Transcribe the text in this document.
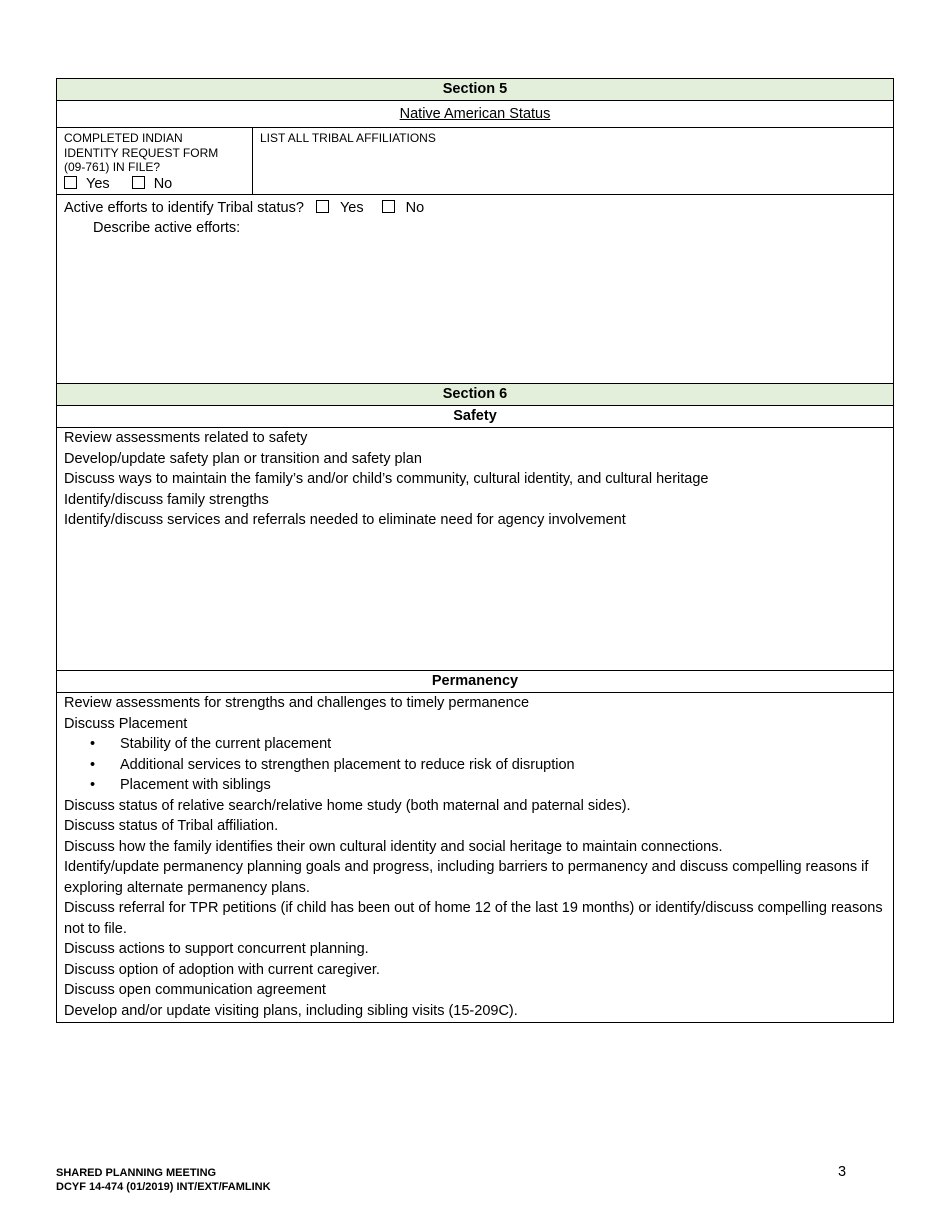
Section 5
Native American Status
COMPLETED INDIAN
IDENTITY REQUEST FORM
(09-761) IN FILE?
Yes	No
LIST ALL TRIBAL AFFILIATIONS
Active efforts to identify Tribal status? Yes	No
Describe active efforts:
Section 6
Safety
Review assessments related to safety
Develop/update safety plan or transition and safety plan
Discuss ways to maintain the family’s and/or child’s community, cultural identity, and cultural heritage
Identify/discuss family strengths
Identify/discuss services and referrals needed to eliminate need for agency involvement
Permanency
Review assessments for strengths and challenges to timely permanence
Discuss Placement
• Stability of the current placement
• Additional services to strengthen placement to reduce risk of disruption
• Placement with siblings
Discuss status of relative search/relative home study (both maternal and paternal sides).
Discuss status of Tribal affiliation.
Discuss how the family identifies their own cultural identity and social heritage to maintain connections.
Identify/update permanency planning goals and progress, including barriers to permanency and discuss compelling reasons if exploring alternate permanency plans.
Discuss referral for TPR petitions (if child has been out of home 12 of the last 19 months) or identify/discuss compelling reasons not to file.
Discuss actions to support concurrent planning.
Discuss option of adoption with current caregiver.
Discuss open communication agreement
Develop and/or update visiting plans, including sibling visits (15-209C).
SHARED PLANNING MEETING
DCYF 14-474 (01/2019) INT/EXT/FAMLINK
3
